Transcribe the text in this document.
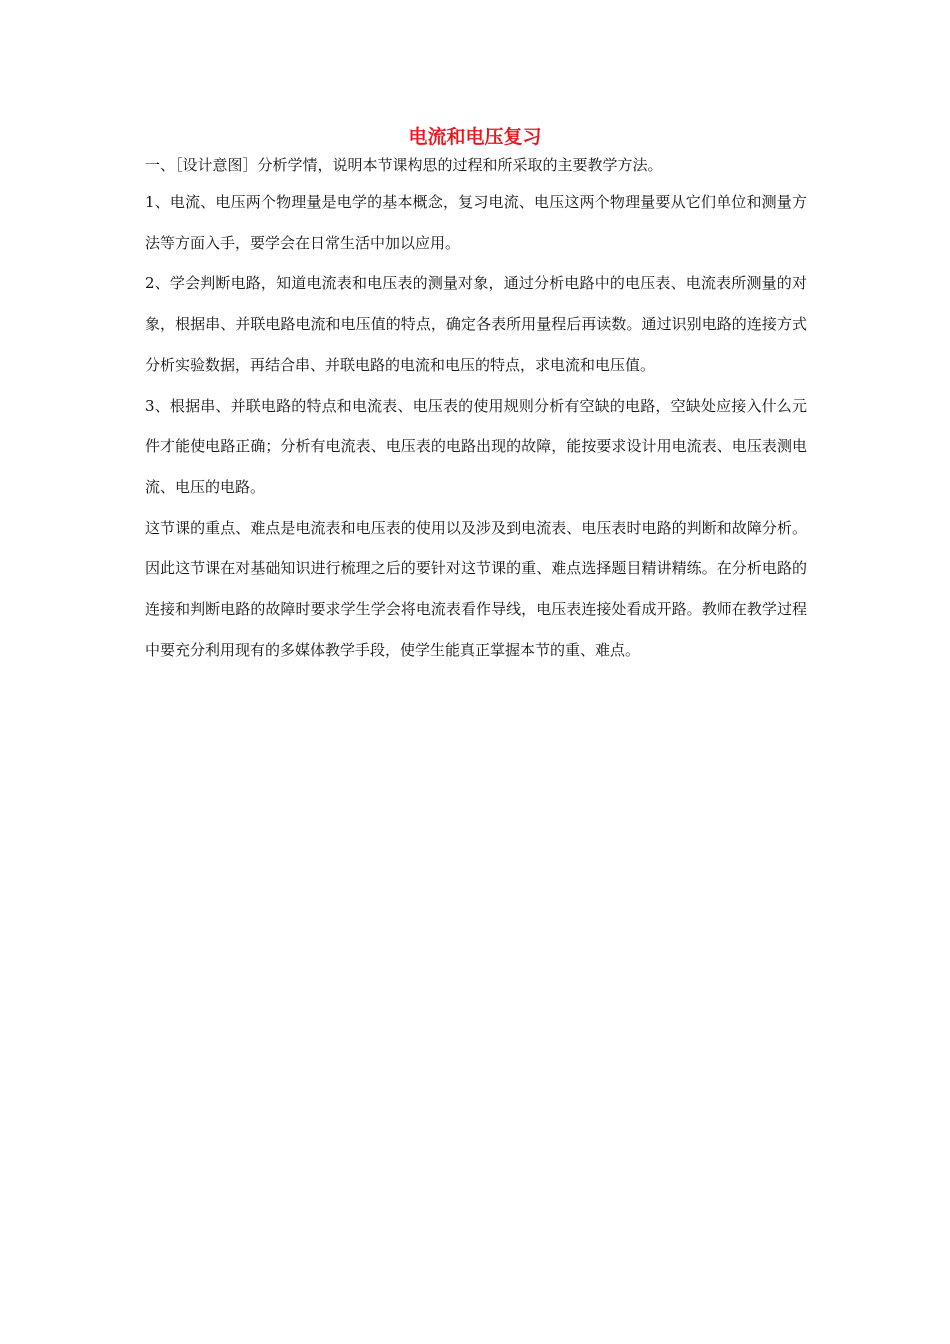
电流和电压复习

一、［设计意图］分析学情，说明本节课构思的过程和所采取的主要教学方法。

1、电流、电压两个物理量是电学的基本概念，复习电流、电压这两个物理量要从它们单位和测量方法等方面入手，要学会在日常生活中加以应用。

2、学会判断电路，知道电流表和电压表的测量对象，通过分析电路中的电压表、电流表所测量的对象，根据串、并联电路电流和电压值的特点，确定各表所用量程后再读数。通过识别电路的连接方式分析实验数据，再结合串、并联电路的电流和电压的特点，求电流和电压值。

3、根据串、并联电路的特点和电流表、电压表的使用规则分析有空缺的电路，空缺处应接入什么元件才能使电路正确；分析有电流表、电压表的电路出现的故障，能按要求设计用电流表、电压表测电流、电压的电路。

这节课的重点、难点是电流表和电压表的使用以及涉及到电流表、电压表时电路的判断和故障分析。因此这节课在对基础知识进行梳理之后的要针对这节课的重、难点选择题目精讲精练。在分析电路的连接和判断电路的故障时要求学生学会将电流表看作导线，电压表连接处看成开路。教师在教学过程中要充分利用现有的多媒体教学手段，使学生能真正掌握本节的重、难点。
